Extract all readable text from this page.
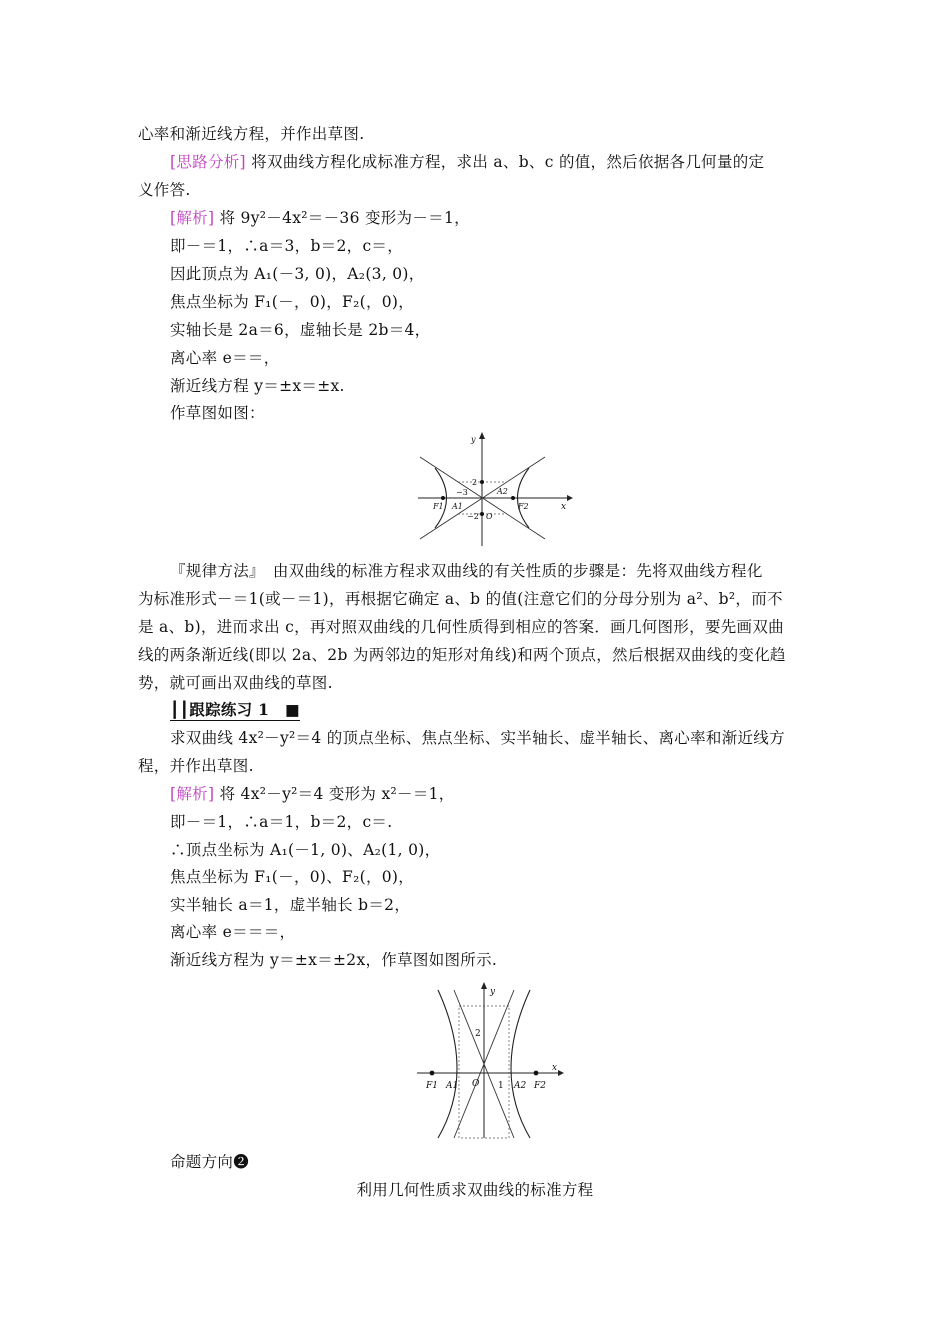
心率和渐近线方程，并作出草图.
[思路分析] 将双曲线方程化成标准方程，求出 a、b、c 的值，然后依据各几何量的定
义作答.
[解析] 将 9y²－4x²＝－36 变形为－＝1，
即－＝1，∴a＝3，b＝2，c＝，
因此顶点为 A₁(－3, 0)，A₂(3, 0)，
焦点坐标为 F₁(－，0)，F₂(，0)，
实轴长是 2a＝6，虚轴长是 2b＝4，
离心率 e＝＝，
渐近线方程 y＝±x＝±x.
作草图如图：
y
x
2
−2
−3
O
F1 A1
A2
F2
『规律方法』　由双曲线的标准方程求双曲线的有关性质的步骤是：先将双曲线方程化
为标准形式－＝1(或－＝1)，再根据它确定 a、b 的值(注意它们的分母分别为 a²、b²，而不
是 a、b)，进而求出 c，再对照双曲线的几何性质得到相应的答案．画几何图形，要先画双曲
线的两条渐近线(即以 2a、2b 为两邻边的矩形对角线)和两个顶点，然后根据双曲线的变化趋
势，就可画出双曲线的草图.
┃┃跟踪练习 1　■
求双曲线 4x²－y²＝4 的顶点坐标、焦点坐标、实半轴长、虚半轴长、离心率和渐近线方
程，并作出草图.
[解析] 将 4x²－y²＝4 变形为 x²－＝1，
即－＝1，∴a＝1，b＝2，c＝.
∴顶点坐标为 A₁(－1, 0)、A₂(1, 0)，
焦点坐标为 F₁(－，0)、F₂(，0)，
实半轴长 a＝1，虚半轴长 b＝2，
离心率 e＝＝＝，
渐近线方程为 y＝±x＝±2x，作草图如图所示.
y
x
2
1
O
F1 A1	A2 F2
命题方向❷
利用几何性质求双曲线的标准方程
